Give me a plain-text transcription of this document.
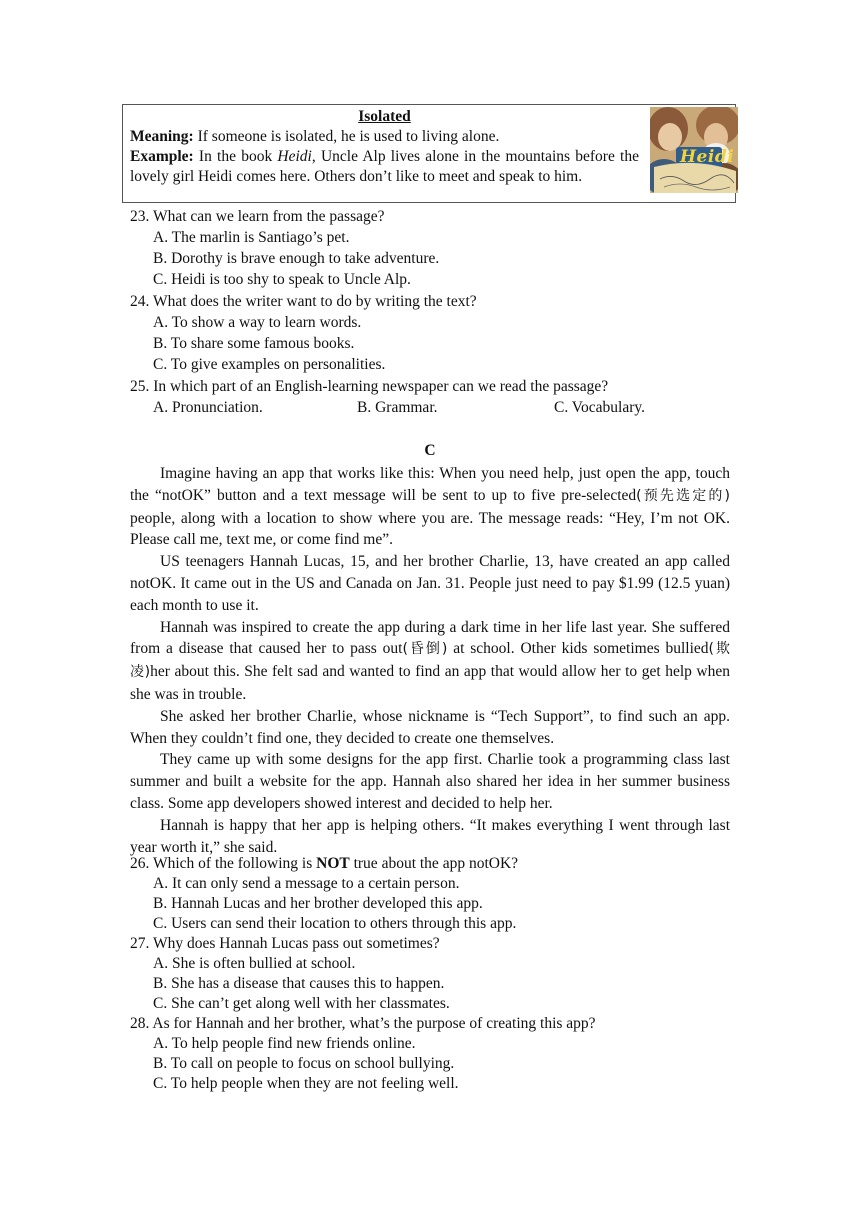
Isolated
Meaning: If someone is isolated, he is used to living alone.
Example: In the book Heidi, Uncle Alp lives alone in the mountains before the lovely girl Heidi comes here. Others don’t like to meet and speak to him.
Heidi
23. What can we learn from the passage?
A. The marlin is Santiago’s pet.
B. Dorothy is brave enough to take adventure.
C. Heidi is too shy to speak to Uncle Alp.
24. What does the writer want to do by writing the text?
A. To show a way to learn words.
B. To share some famous books.
C. To give examples on personalities.
25. In which part of an English-learning newspaper can we read the passage?
A. Pronunciation.	B. Grammar.	C. Vocabulary.
C

Imagine having an app that works like this: When you need help, just open the app, touch the “notOK” button and a text message will be sent to up to five pre-selected(预先选定的) people, along with a location to show where you are. The message reads: “Hey, I’m not OK. Please call me, text me, or come find me”.

US teenagers Hannah Lucas, 15, and her brother Charlie, 13, have created an app called notOK. It came out in the US and Canada on Jan. 31. People just need to pay $1.99 (12.5 yuan) each month to use it.

Hannah was inspired to create the app during a dark time in her life last year. She suffered from a disease that caused her to pass out(昏倒) at school. Other kids sometimes bullied(欺凌)her about this. She felt sad and wanted to find an app that would allow her to get help when she was in trouble.

She asked her brother Charlie, whose nickname is “Tech Support”, to find such an app. When they couldn’t find one, they decided to create one themselves.

They came up with some designs for the app first. Charlie took a programming class last summer and built a website for the app. Hannah also shared her idea in her summer business class. Some app developers showed interest and decided to help her.

Hannah is happy that her app is helping others. “It makes everything I went through last year worth it,” she said.

26. Which of the following is NOT true about the app notOK?
A. It can only send a message to a certain person.
B. Hannah Lucas and her brother developed this app.
C. Users can send their location to others through this app.
27. Why does Hannah Lucas pass out sometimes?
A. She is often bullied at school.
B. She has a disease that causes this to happen.
C. She can’t get along well with her classmates.
28. As for Hannah and her brother, what’s the purpose of creating this app?
A. To help people find new friends online.
B. To call on people to focus on school bullying.
C. To help people when they are not feeling well.
